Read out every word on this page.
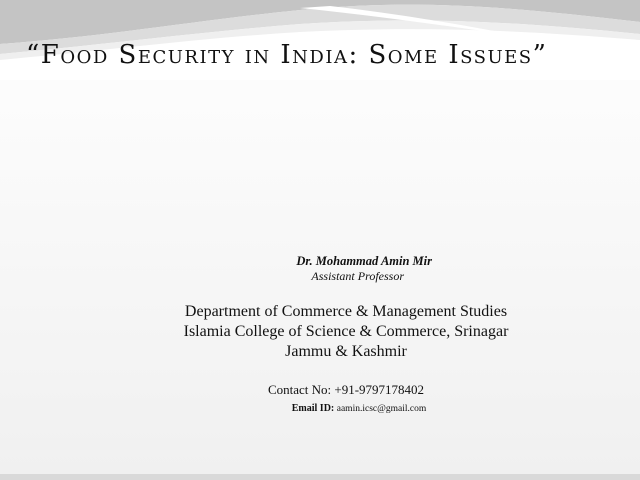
“Food Security in India: Some Issues”
Dr. Mohammad Amin Mir
Assistant Professor
Department of Commerce & Management Studies
Islamia College of Science & Commerce, Srinagar
Jammu & Kashmir
Contact No: +91-9797178402
Email ID: aamin.icsc@gmail.com
